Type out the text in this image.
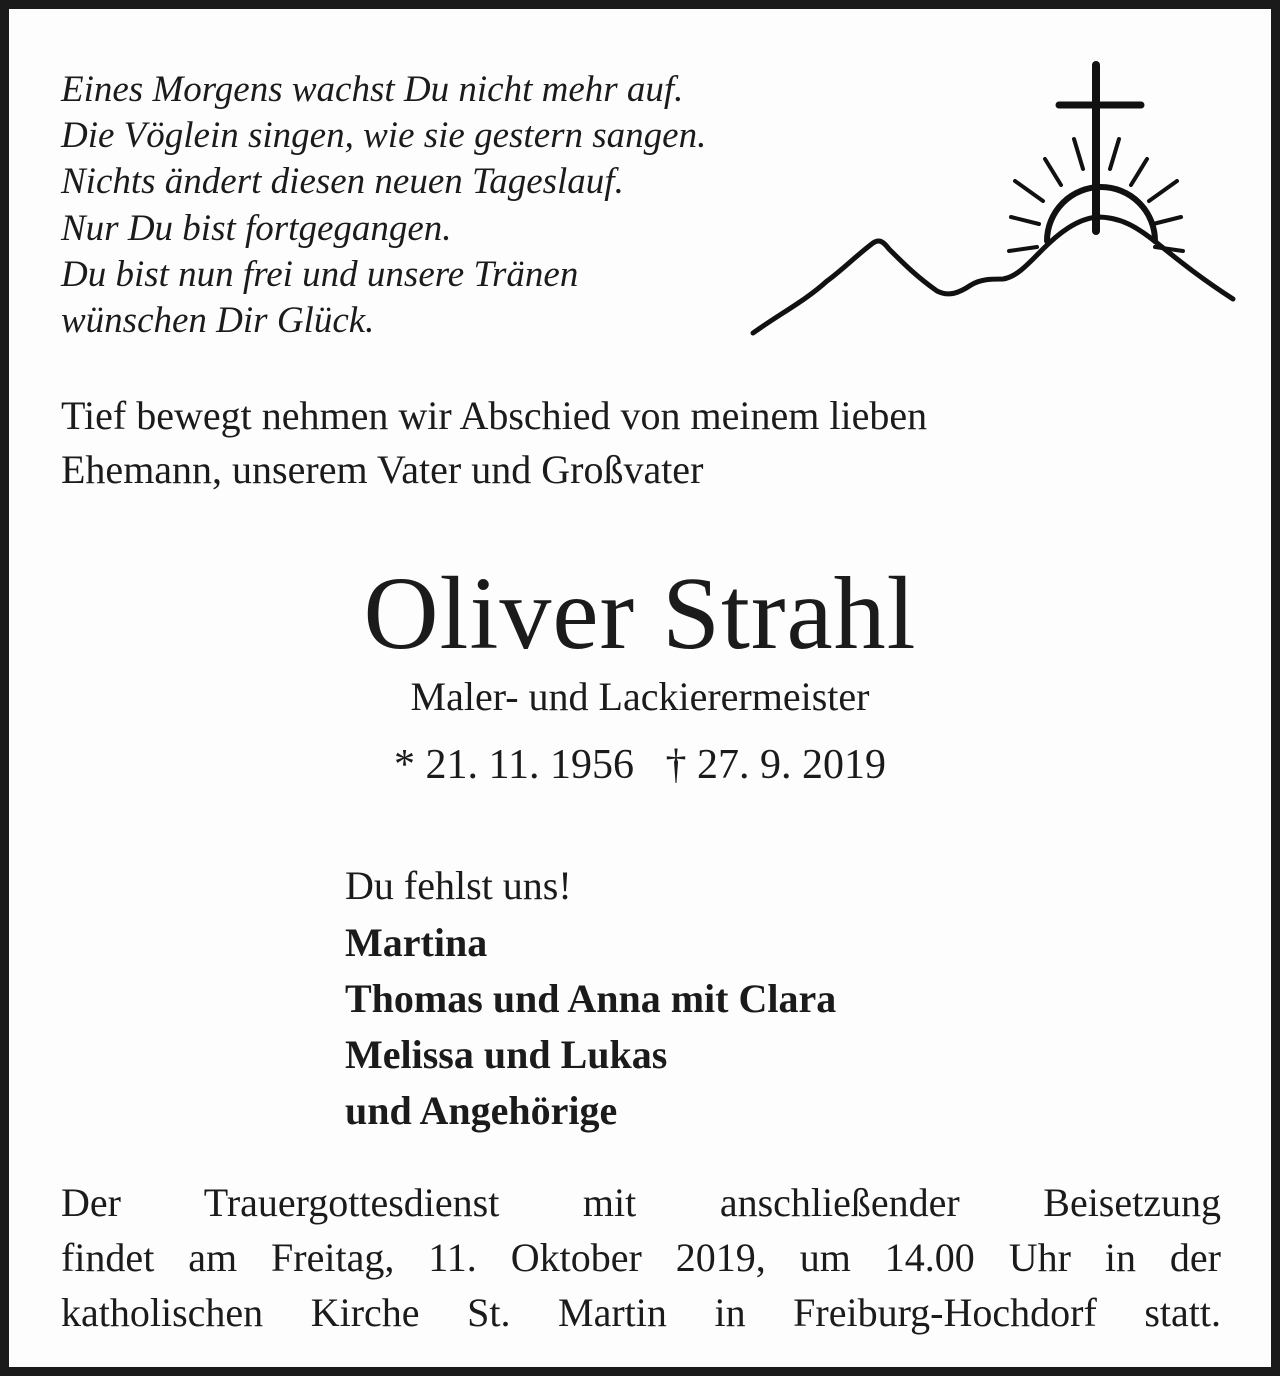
Eines Morgens wachst Du nicht mehr auf.
Die Vöglein singen, wie sie gestern sangen.
Nichts ändert diesen neuen Tageslauf.
Nur Du bist fortgegangen.
Du bist nun frei und unsere Tränen
wünschen Dir Glück.
Tief bewegt nehmen wir Abschied von meinem lieben
Ehemann, unserem Vater und Großvater
Oliver Strahl
Maler- und Lackierermeister
* 21. 11. 1956   † 27. 9. 2019
Du fehlst uns!
Martina
Thomas und Anna mit Clara
Melissa und Lukas
und Angehörige
Der Trauergottesdienst mit anschließender Beisetzung
findet am Freitag, 11. Oktober 2019, um 14.00 Uhr in der
katholischen Kirche St. Martin in Freiburg-Hochdorf statt.
